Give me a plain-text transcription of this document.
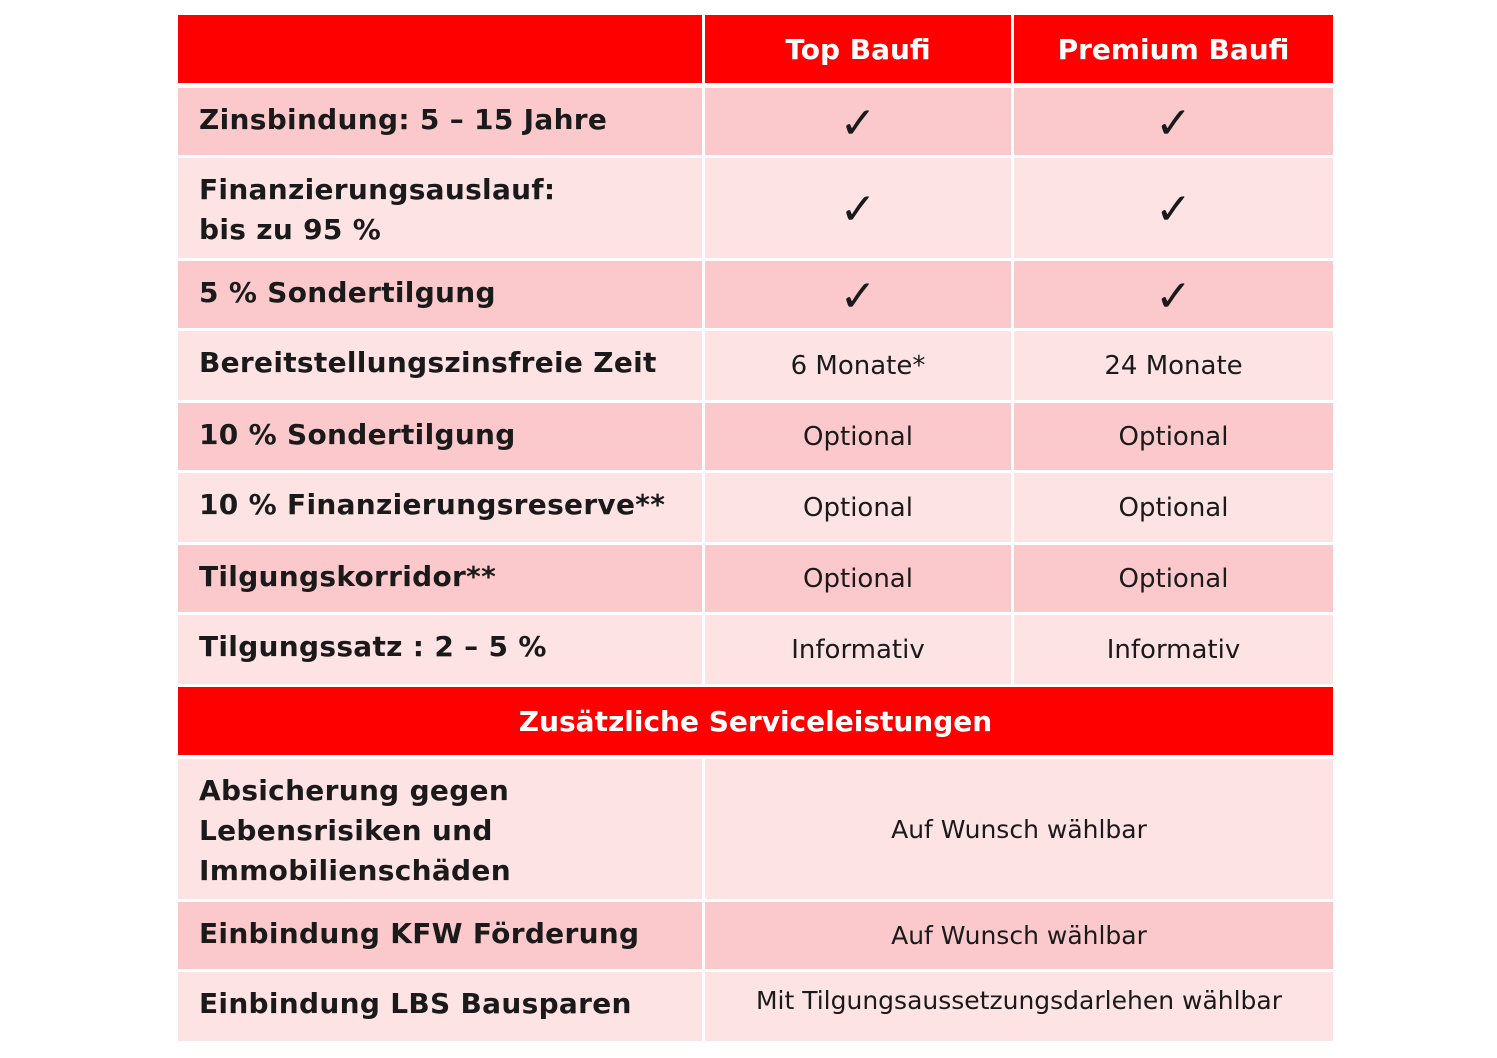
	Top Baufi	Premium Baufi
Zinsbindung: 5 – 15 Jahre	✓	✓

Finanzierungsauslauf:
bis zu 95 %	✓	✓
5 % Sondertilgung	✓	✓
Bereitstellungszinsfreie Zeit	6 Monate*	24 Monate
10 % Sondertilgung	Optional	Optional
10 % Finanzierungsreserve**	Optional	Optional
Tilgungskorridor**	Optional	Optional
Tilgungssatz : 2 – 5 %	Informativ	Informativ
Zusätzliche Serviceleistungen		

Absicherung gegen
Lebensrisiken und
Immobilienschäden	Auf Wunsch wählbar	
Einbindung KFW Förderung	Auf Wunsch wählbar	
Einbindung LBS Bausparen	Mit Tilgungsaussetzungsdarlehen wählbar	
